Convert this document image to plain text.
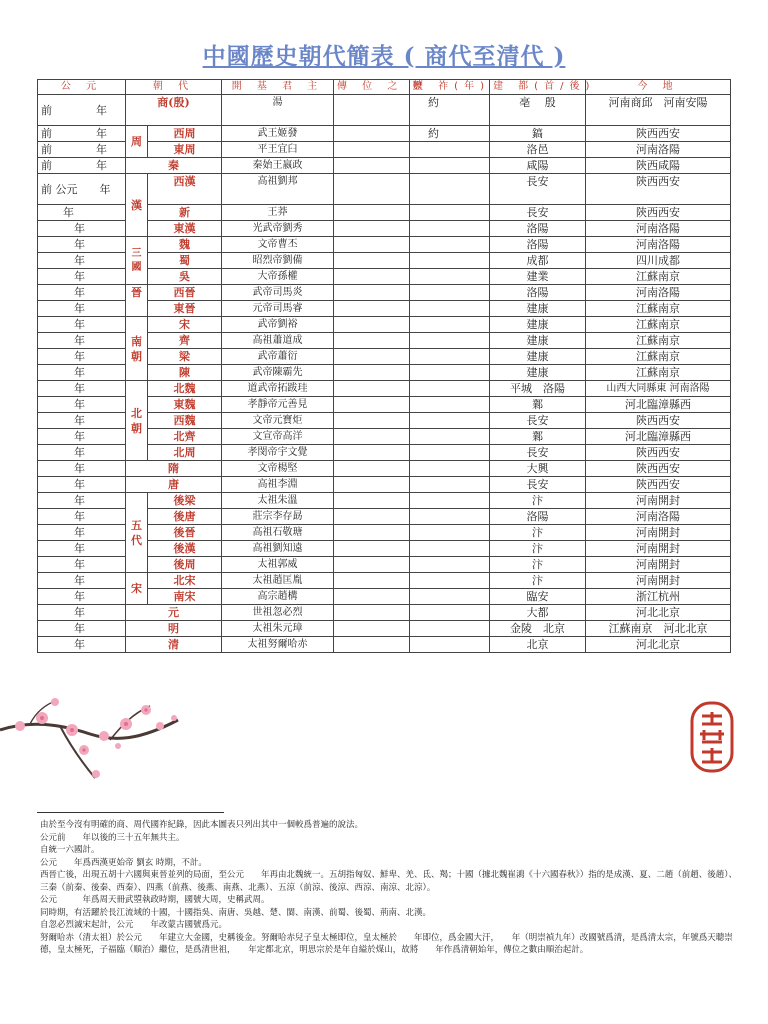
中國歷史朝代簡表 ( 商代至清代 )
公 元	朝 代		開 基 君 主	傳 位 之 數	歷 祚(年)	建 都(首/後)	今 地
前　　　　年	商(殷)		湯		約	亳　 殷	河南商邱　河南安陽
前　　　　年	周	西周	武王姬發		約	鎬	陝西西安
前　　　　年		東周	平王宜臼			洛邑	河南洛陽
前　　　　年	秦		秦始王嬴政			咸陽	陝西咸陽
前 公元　　年	漢	西漢	高祖劉邦			長安	陝西西安
　　年		新	王莽			長安	陝西西安
　　　年		東漢	光武帝劉秀			洛陽	河南洛陽
　　　年	三國	魏	文帝曹丕			洛陽	河南洛陽
　　　年		蜀	昭烈帝劉備			成都	四川成都
　　　年		吳	大帝孫權			建業	江蘇南京
　　　年	晉	西晉	武帝司馬炎			洛陽	河南洛陽
　　　年		東晉	元帝司馬睿			建康	江蘇南京
　　　年	南朝	宋	武帝劉裕			建康	江蘇南京
　　　年		齊	高祖蕭道成			建康	江蘇南京
　　　年		梁	武帝蕭衍			建康	江蘇南京
　　　年		陳	武帝陳霸先			建康	江蘇南京
　　　年	北朝	北魏	道武帝拓跋珪			平城　洛陽	山西大同縣東 河南洛陽
　　　年		東魏	孝靜帝元善見			鄴	河北臨漳縣西
　　　年		西魏	文帝元寶炬			長安	陝西西安
　　　年		北齊	文宣帝高洋			鄴	河北臨漳縣西
　　　年		北周	孝閔帝宇文覺			長安	陝西西安
　　　年	隋		文帝楊堅			大興	陝西西安
　　　年	唐		高祖李淵			長安	陝西西安
　　　年	五代	後梁	太祖朱溫			汴	河南開封
　　　年		後唐	莊宗李存勗			洛陽	河南洛陽
　　　年		後晉	高祖石敬瑭			汴	河南開封
　　　年		後漢	高祖劉知遠			汴	河南開封
　　　年		後周	太祖郭威			汴	河南開封
　　　年	宋	北宋	太祖趙匡胤			汴	河南開封
　　　年		南宋	高宗趙構			臨安	浙江杭州
　　　年	元		世祖忽必烈			大都	河北北京
　　　年	明		太祖朱元璋			金陵　北京	江蘇南京　河北北京
　　　年	清		太祖努爾哈赤			北京	河北北京

由於至今沒有明確的商、周代國祚紀錄，因此本圖表只列出其中一個較爲普遍的說法。

公元前　　年以後的三十五年無共主。

自統一六國計。

公元　　年爲西漢更始帝 劉玄 時期，不計。

西晉亡後，出現五胡十六國與東晉並列的局面，至公元　　年再由北魏統一。五胡指匈奴、鮮卑、羌、氐、羯；十國（據北魏崔鴻《十六國春秋》）指的是成漢、夏、二趙（前趙、後趙）、三秦（前秦、後秦、西秦）、四燕（前燕、後燕、南燕、北燕）、五涼（前涼、後涼、西涼、南涼、北涼）。

公元　　　年爲周天冊武曌執政時期，國號大周，史稱武周。

同時期，有活躍於長江流域的十國，十國指吳、南唐、吳越、楚、閩、南漢、前蜀、後蜀、荊南、北漢。

自忽必烈滅宋起計，公元　　年改蒙古國號爲元。

努爾哈赤（清太祖）於公元　　年建立大金國，史稱後金。努爾哈赤兒子皇太極即位，皇太極於　　年即位，爲金國大汗，　　年（明崇禎九年）改國號爲清，是爲清太宗，年號爲天聰崇德，皇太極死，子福臨（順治）繼位，是爲清世祖，　　年定都北京，明思宗於是年自縊於煤山，故將　　年作爲清朝始年，傳位之數由順治起計。
